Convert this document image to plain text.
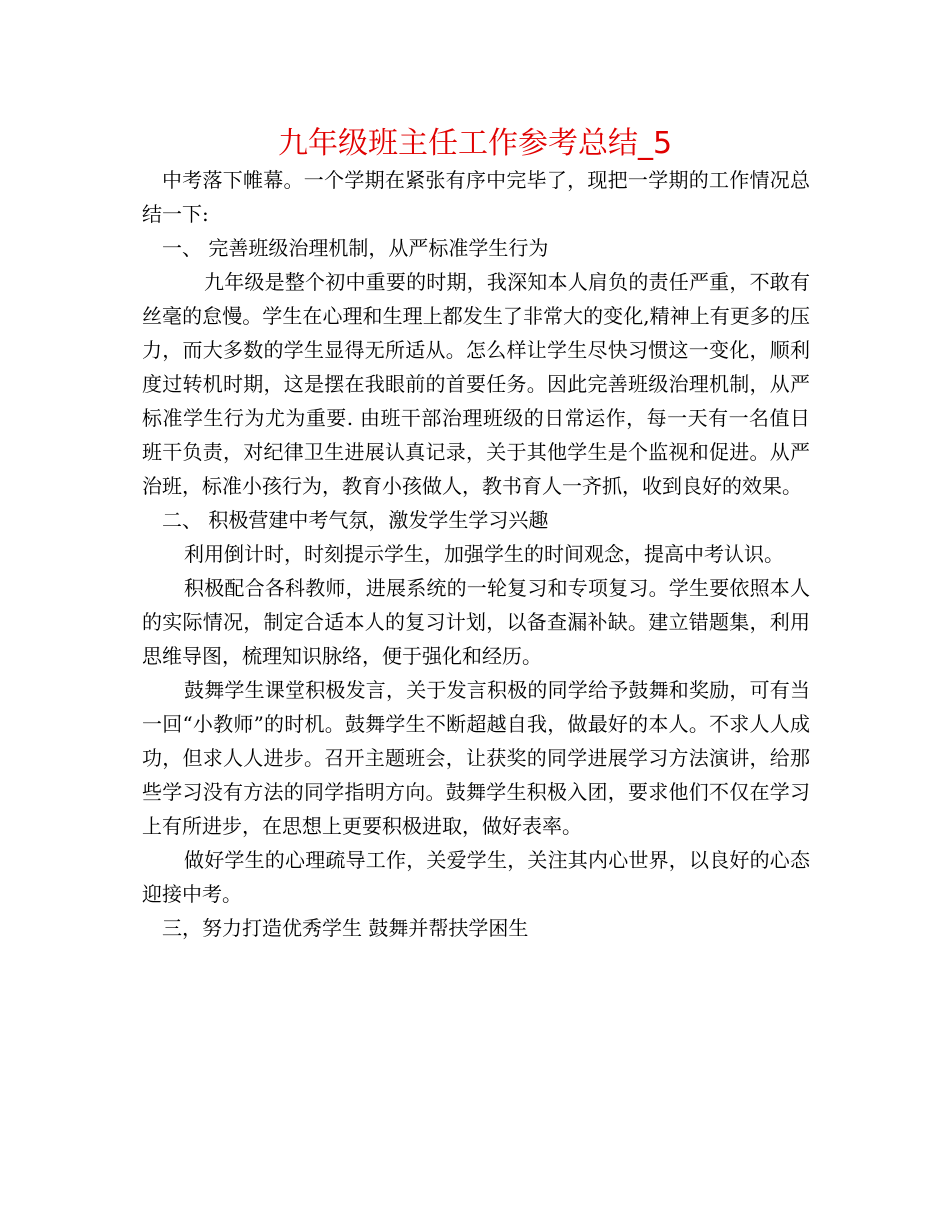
九年级班主任工作参考总结_5

中考落下帷幕。一个学期在紧张有序中完毕了，现把一学期的工作情况总结一下:

一、 完善班级治理机制，从严标准学生行为

九年级是整个初中重要的时期，我深知本人肩负的责任严重，不敢有丝毫的怠慢。学生在心理和生理上都发生了非常大的变化,精神上有更多的压力，而大多数的学生显得无所适从。怎么样让学生尽快习惯这一变化，顺利度过转机时期，这是摆在我眼前的首要任务。因此完善班级治理机制，从严标准学生行为尤为重要. 由班干部治理班级的日常运作，每一天有一名值日班干负责，对纪律卫生进展认真记录，关于其他学生是个监视和促进。从严治班，标准小孩行为，教育小孩做人，教书育人一齐抓，收到良好的效果。

二、 积极营建中考气氛，激发学生学习兴趣

利用倒计时，时刻提示学生，加强学生的时间观念，提高中考认识。

积极配合各科教师，进展系统的一轮复习和专项复习。学生要依照本人的实际情况，制定合适本人的复习计划，以备查漏补缺。建立错题集，利用思维导图，梳理知识脉络，便于强化和经历。

鼓舞学生课堂积极发言，关于发言积极的同学给予鼓舞和奖励，可有当一回“小教师”的时机。鼓舞学生不断超越自我，做最好的本人。不求人人成功，但求人人进步。召开主题班会，让获奖的同学进展学习方法演讲，给那些学习没有方法的同学指明方向。鼓舞学生积极入团，要求他们不仅在学习上有所进步，在思想上更要积极进取，做好表率。

做好学生的心理疏导工作，关爱学生，关注其内心世界，以良好的心态迎接中考。

三，努力打造优秀学生 鼓舞并帮扶学困生
